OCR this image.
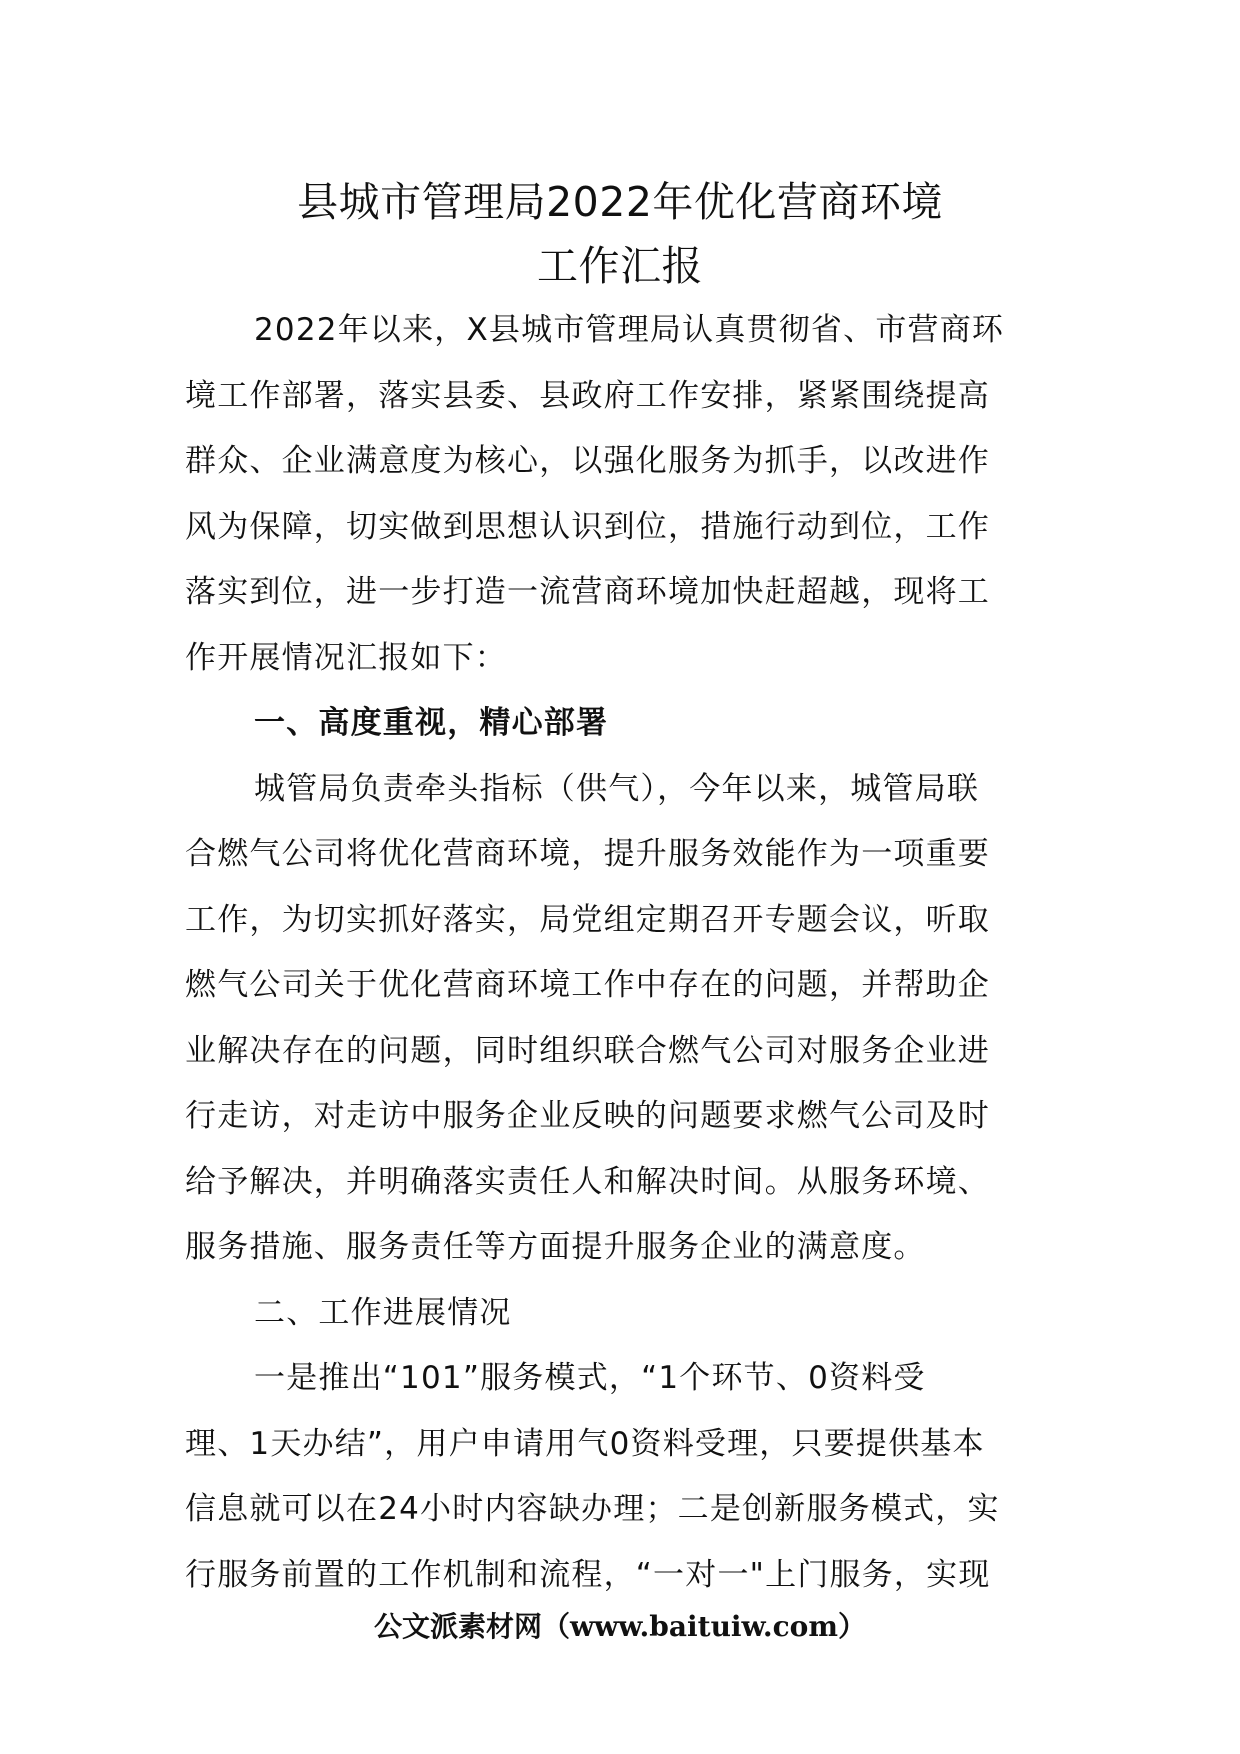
县城市管理局2022年优化营商环境
工作汇报
2022年以来，X县城市管理局认真贯彻省、市营商环
境工作部署，落实县委、县政府工作安排，紧紧围绕提高
群众、企业满意度为核心，以强化服务为抓手，以改进作
风为保障，切实做到思想认识到位，措施行动到位，工作
落实到位，进一步打造一流营商环境加快赶超越，现将工
作开展情况汇报如下：
一、高度重视，精心部署
城管局负责牵头指标（供气），今年以来，城管局联
合燃气公司将优化营商环境，提升服务效能作为一项重要
工作，为切实抓好落实，局党组定期召开专题会议，听取
燃气公司关于优化营商环境工作中存在的问题，并帮助企
业解决存在的问题，同时组织联合燃气公司对服务企业进
行走访，对走访中服务企业反映的问题要求燃气公司及时
给予解决，并明确落实责任人和解决时间。从服务环境、
服务措施、服务责任等方面提升服务企业的满意度。
二、工作进展情况
一是推出“101”服务模式，“1个环节、0资料受
理、1天办结”，用户申请用气0资料受理，只要提供基本
信息就可以在24小时内容缺办理；二是创新服务模式，实
行服务前置的工作机制和流程，“一对一"上门服务，实现
公文派素材网（www.baituiw.com）
